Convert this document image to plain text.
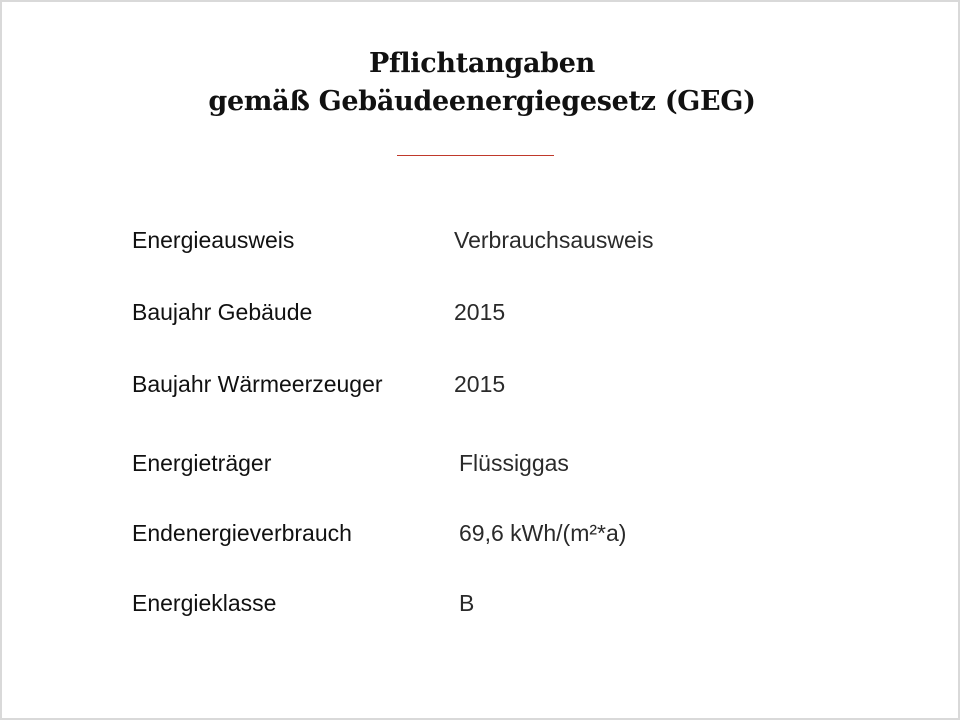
Pflichtangaben
gemäß Gebäudeenergiegesetz (GEG)
Energieausweis	Verbrauchsausweis
Baujahr Gebäude	2015
Baujahr Wärmeerzeuger	2015
Energieträger	Flüssiggas
Endenergieverbrauch	69,6 kWh/(m²*a)
Energieklasse	B
